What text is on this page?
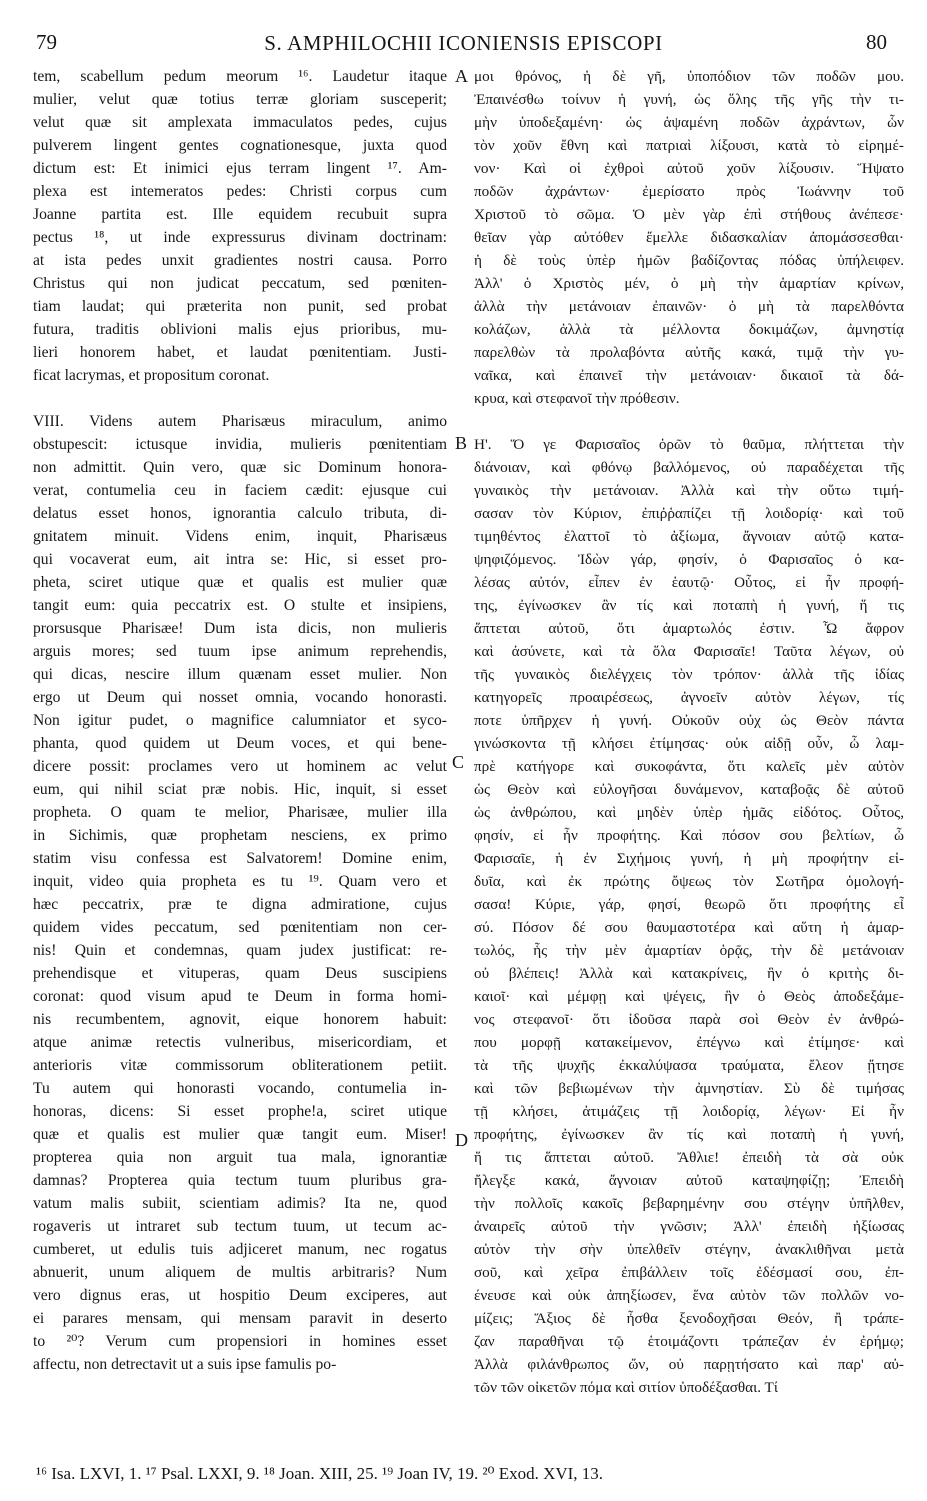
79	S. AMPHILOCHII ICONIENSIS EPISCOPI	80
tem, scabellum pedum meorum ¹⁶. Laudetur itaque
mulier, velut quæ totius terræ gloriam susceperit;
velut quæ sit amplexata immaculatos pedes, cujus
pulverem lingent gentes cognationesque, juxta quod
dictum est: Et inimici ejus terram lingent ¹⁷. Am-
plexa est intemeratos pedes: Christi corpus cum
Joanne partita est. Ille equidem recubuit supra
pectus ¹⁸, ut inde expressurus divinam doctrinam:
at ista pedes unxit gradientes nostri causa. Porro
Christus qui non judicat peccatum, sed pœniten-
tiam laudat; qui præterita non punit, sed probat
futura, traditis oblivioni malis ejus prioribus, mu-
lieri honorem habet, et laudat pœnitentiam. Justi-
ficat lacrymas, et propositum coronat.
VIII. Videns autem Pharisæus miraculum, animo
obstupescit: ictusque invidia, mulieris pœnitentiam
non admittit. Quin vero, quæ sic Dominum honora-
verat, contumelia ceu in faciem cædit: ejusque cui
delatus esset honos, ignorantia calculo tributa, di-
gnitatem minuit. Videns enim, inquit, Pharisæus
qui vocaverat eum, ait intra se: Hic, si esset pro-
pheta, sciret utique quæ et qualis est mulier quæ
tangit eum: quia peccatrix est. O stulte et insipiens,
prorsusque Pharisæe! Dum ista dicis, non mulieris
arguis mores; sed tuum ipse animum reprehendis,
qui dicas, nescire illum quænam esset mulier. Non
ergo ut Deum qui nosset omnia, vocando honorasti.
Non igitur pudet, o magnifice calumniator et syco-
phanta, quod quidem ut Deum voces, et qui bene-
dicere possit: proclames vero ut hominem ac velut
eum, qui nihil sciat præ nobis. Hic, inquit, si esset
propheta. O quam te melior, Pharisæe, mulier illa
in Sichimis, quæ prophetam nesciens, ex primo
statim visu confessa est Salvatorem! Domine enim,
inquit, video quia propheta es tu ¹⁹. Quam vero et
hæc peccatrix, præ te digna admiratione, cujus
quidem vides peccatum, sed pœnitentiam non cer-
nis! Quin et condemnas, quam judex justificat: re-
prehendisque et vituperas, quam Deus suscipiens
coronat: quod visum apud te Deum in forma homi-
nis recumbentem, agnovit, eique honorem habuit:
atque animæ retectis vulneribus, misericordiam, et
anterioris vitæ commissorum obliterationem petiit.
Tu autem qui honorasti vocando, contumelia in-
honoras, dicens: Si esset prophe!a, sciret utique
quæ et qualis est mulier quæ tangit eum. Miser!
propterea quia non arguit tua mala, ignorantiæ
damnas? Propterea quia tectum tuum pluribus gra-
vatum malis subiit, scientiam adimis? Ita ne, quod
rogaveris ut intraret sub tectum tuum, ut tecum ac-
cumberet, ut edulis tuis adjiceret manum, nec rogatus
abnuerit, unum aliquem de multis arbitraris? Num
vero dignus eras, ut hospitio Deum exciperes, aut
ei parares mensam, qui mensam paravit in deserto
to ²⁰? Verum cum propensiori in homines esset
affectu, non detrectavit ut a suis ipse famulis po-
μοι θρόνος, ἡ δὲ γῆ, ὑποπόδιον τῶν ποδῶν μου.
Ἐπαινέσθω τοίνυν ἡ γυνή, ὡς ὅλης τῆς γῆς τὴν τι-
μὴν ὑποδεξαμένη· ὡς ἁψαμένη ποδῶν ἀχράντων, ὧν
τὸν χοῦν ἔθνη καὶ πατριαὶ λίξουσι, κατὰ τὸ εἰρημέ-
νον· Καὶ οἱ ἐχθροὶ αὐτοῦ χοῦν λίξουσιν. Ἥψατο
ποδῶν ἀχράντων· ἐμερίσατο πρὸς Ἰωάννην τοῦ
Χριστοῦ τὸ σῶμα. Ὁ μὲν γὰρ ἐπὶ στήθους ἀνέπεσε·
θεῖαν γὰρ αὐτόθεν ἔμελλε διδασκαλίαν ἀπομάσσεσθαι·
ἡ δὲ τοὺς ὑπὲρ ἡμῶν βαδίζοντας πόδας ὑπήλειφεν.
Ἀλλ' ὁ Χριστὸς μέν, ὁ μὴ τὴν ἁμαρτίαν κρίνων,
ἀλλὰ τὴν μετάνοιαν ἐπαινῶν· ὁ μὴ τὰ παρελθόντα
κολάζων, ἀλλὰ τὰ μέλλοντα δοκιμάζων, ἀμνηστίᾳ
παρελθὼν τὰ προλαβόντα αὐτῆς κακά, τιμᾷ τὴν γυ-
ναῖκα, καὶ ἐπαινεῖ τὴν μετάνοιαν· δικαιοῖ τὰ δά-
κρυα, καὶ στεφανοῖ τὴν πρόθεσιν.
Η'. Ὅ γε Φαρισαῖος ὁρῶν τὸ θαῦμα, πλήττεται τὴν
διάνοιαν, καὶ φθόνῳ βαλλόμενος, οὐ παραδέχεται τῆς
γυναικὸς τὴν μετάνοιαν. Ἀλλὰ καὶ τὴν οὕτω τιμή-
σασαν τὸν Κύριον, ἐπιῤῥαπίζει τῇ λοιδορίᾳ· καὶ τοῦ
τιμηθέντος ἐλαττοῖ τὸ ἀξίωμα, ἄγνοιαν αὐτῷ κατα-
ψηφιζόμενος. Ἰδὼν γάρ, φησίν, ὁ Φαρισαῖος ὁ κα-
λέσας αὐτόν, εἶπεν ἐν ἑαυτῷ· Οὗτος, εἰ ἦν προφή-
της, ἐγίνωσκεν ἂν τίς καὶ ποταπὴ ἡ γυνή, ἥ τις
ἅπτεται αὐτοῦ, ὅτι ἁμαρτωλός ἐστιν. Ὦ ἄφρον
καὶ ἀσύνετε, καὶ τὰ ὅλα Φαρισαῖε! Ταῦτα λέγων, οὐ
τῆς γυναικὸς διελέγχεις τὸν τρόπον· ἀλλὰ τῆς ἰδίας
κατηγορεῖς προαιρέσεως, ἀγνοεῖν αὐτὸν λέγων, τίς
ποτε ὑπῆρχεν ἡ γυνή. Οὐκοῦν οὐχ ὡς Θεὸν πάντα
γινώσκοντα τῇ κλήσει ἐτίμησας· οὐκ αἰδῇ οὖν, ὦ λαμ-
πρὲ κατήγορε καὶ συκοφάντα, ὅτι καλεῖς μὲν αὐτὸν
ὡς Θεὸν καὶ εὐλογῆσαι δυνάμενον, καταβοᾷς δὲ αὐτοῦ
ὡς ἀνθρώπου, καὶ μηδὲν ὑπὲρ ἡμᾶς εἰδότος. Οὗτος,
φησίν, εἰ ἦν προφήτης. Καὶ πόσον σου βελτίων, ὦ
Φαρισαῖε, ἡ ἐν Σιχήμοις γυνή, ἡ μὴ προφήτην εἰ-
δυῖα, καὶ ἐκ πρώτης ὄψεως τὸν Σωτῆρα ὁμολογή-
σασα! Κύριε, γάρ, φησί, θεωρῶ ὅτι προφήτης εἶ
σύ. Πόσον δέ σου θαυμαστοτέρα καὶ αὕτη ἡ ἁμαρ-
τωλός, ἧς τὴν μὲν ἁμαρτίαν ὁρᾷς, τὴν δὲ μετάνοιαν
οὐ βλέπεις! Ἀλλὰ καὶ κατακρίνεις, ἣν ὁ κριτὴς δι-
καιοῖ· καὶ μέμφῃ καὶ ψέγεις, ἣν ὁ Θεὸς ἀποδεξάμε-
νος στεφανοῖ· ὅτι ἰδοῦσα παρὰ σοὶ Θεὸν ἐν ἀνθρώ-
που μορφῇ κατακείμενον, ἐπέγνω καὶ ἐτίμησε· καὶ
τὰ τῆς ψυχῆς ἐκκαλύψασα τραύματα, ἔλεον ᾔτησε
καὶ τῶν βεβιωμένων τὴν ἀμνηστίαν. Σὺ δὲ τιμήσας
τῇ κλήσει, ἀτιμάζεις τῇ λοιδορίᾳ, λέγων· Εἰ ἦν
προφήτης, ἐγίνωσκεν ἂν τίς καὶ ποταπὴ ἡ γυνή,
ἥ τις ἅπτεται αὐτοῦ. Ἄθλιε! ἐπειδὴ τὰ σὰ οὐκ
ἤλεγξε κακά, ἄγνοιαν αὐτοῦ καταψηφίζῃ; Ἐπειδὴ
τὴν πολλοῖς κακοῖς βεβαρημένην σου στέγην ὑπῆλθεν,
ἀναιρεῖς αὐτοῦ τὴν γνῶσιν; Ἀλλ' ἐπειδὴ ἠξίωσας
αὐτὸν τὴν σὴν ὑπελθεῖν στέγην, ἀνακλιθῆναι μετὰ
σοῦ, καὶ χεῖρα ἐπιβάλλειν τοῖς ἐδέσμασί σου, ἐπ-
ένευσε καὶ οὐκ ἀπηξίωσεν, ἕνα αὐτὸν τῶν πολλῶν νο-
μίζεις; Ἄξιος δὲ ἦσθα ξενοδοχῆσαι Θεόν, ἢ τράπε-
ζαν παραθῆναι τῷ ἑτοιμάζοντι τράπεζαν ἐν ἐρήμῳ;
Ἀλλὰ φιλάνθρωπος ὤν, οὐ παρῃτήσατο καὶ παρ' αὐ-
τῶν τῶν οἰκετῶν πόμα καὶ σιτίον ὑποδέξασθαι. Τί
A
B
C
D
¹⁶ Isa. LXVI, 1. ¹⁷ Psal. LXXI, 9. ¹⁸ Joan. XIII, 25. ¹⁹ Joan IV, 19. ²⁰ Exod. XVI, 13.
